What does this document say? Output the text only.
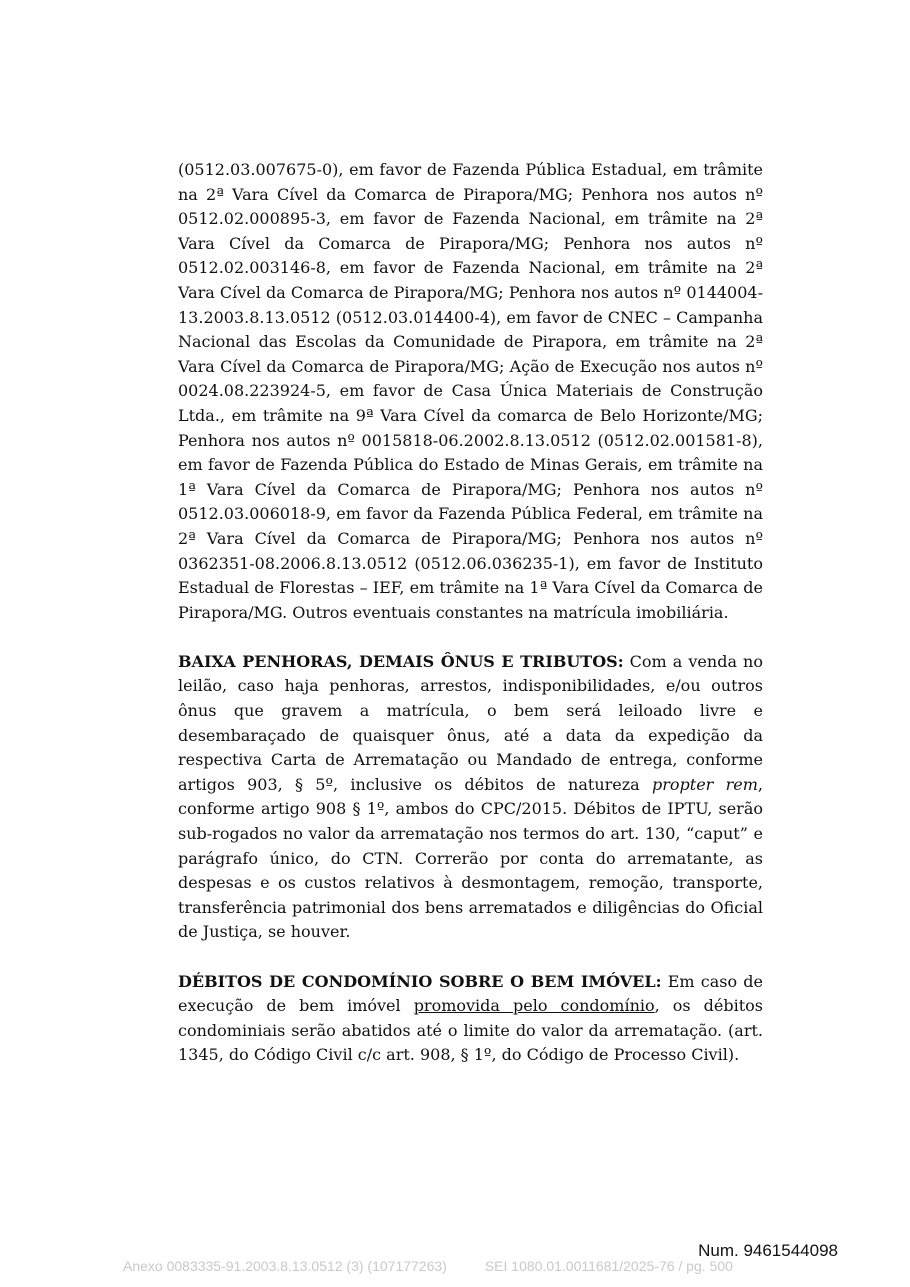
(0512.03.007675-0), em favor de Fazenda Pública Estadual, em trâmite na 2ª Vara Cível da Comarca de Pirapora/MG; Penhora nos autos nº 0512.02.000895-3, em favor de Fazenda Nacional, em trâmite na 2ª Vara Cível da Comarca de Pirapora/MG; Penhora nos autos nº 0512.02.003146-8, em favor de Fazenda Nacional, em trâmite na 2ª Vara Cível da Comarca de Pirapora/MG; Penhora nos autos nº 0144004-13.2003.8.13.0512 (0512.03.014400-4), em favor de CNEC – Campanha Nacional das Escolas da Comunidade de Pirapora, em trâmite na 2ª Vara Cível da Comarca de Pirapora/MG; Ação de Execução nos autos nº 0024.08.223924-5, em favor de Casa Única Materiais de Construção Ltda., em trâmite na 9ª Vara Cível da comarca de Belo Horizonte/MG; Penhora nos autos nº 0015818-06.2002.8.13.0512 (0512.02.001581-8), em favor de Fazenda Pública do Estado de Minas Gerais, em trâmite na 1ª Vara Cível da Comarca de Pirapora/MG; Penhora nos autos nº 0512.03.006018-9, em favor da Fazenda Pública Federal, em trâmite na 2ª Vara Cível da Comarca de Pirapora/MG; Penhora nos autos nº 0362351-08.2006.8.13.0512 (0512.06.036235-1), em favor de Instituto Estadual de Florestas – IEF, em trâmite na 1ª Vara Cível da Comarca de Pirapora/MG. Outros eventuais constantes na matrícula imobiliária.

BAIXA PENHORAS, DEMAIS ÔNUS E TRIBUTOS: Com a venda no leilão, caso haja penhoras, arrestos, indisponibilidades, e/ou outros ônus que gravem a matrícula, o bem será leiloado livre e desembaraçado de quaisquer ônus, até a data da expedição da respectiva Carta de Arrematação ou Mandado de entrega, conforme artigos 903, § 5º, inclusive os débitos de natureza propter rem, conforme artigo 908 § 1º, ambos do CPC/2015. Débitos de IPTU, serão sub-rogados no valor da arrematação nos termos do art. 130, “caput” e parágrafo único, do CTN. Correrão por conta do arrematante, as despesas e os custos relativos à desmontagem, remoção, transporte, transferência patrimonial dos bens arrematados e diligências do Oficial de Justiça, se houver.

DÉBITOS DE CONDOMÍNIO SOBRE O BEM IMÓVEL: Em caso de execução de bem imóvel promovida pelo condomínio, os débitos condominiais serão abatidos até o limite do valor da arrematação. (art. 1345, do Código Civil c/c art. 908, § 1º, do Código de Processo Civil).

Num. 9461544098
Anexo 0083335-91.2003.8.13.0512 (3) (107177263)	SEI 1080.01.0011681/2025-76 / pg. 500
